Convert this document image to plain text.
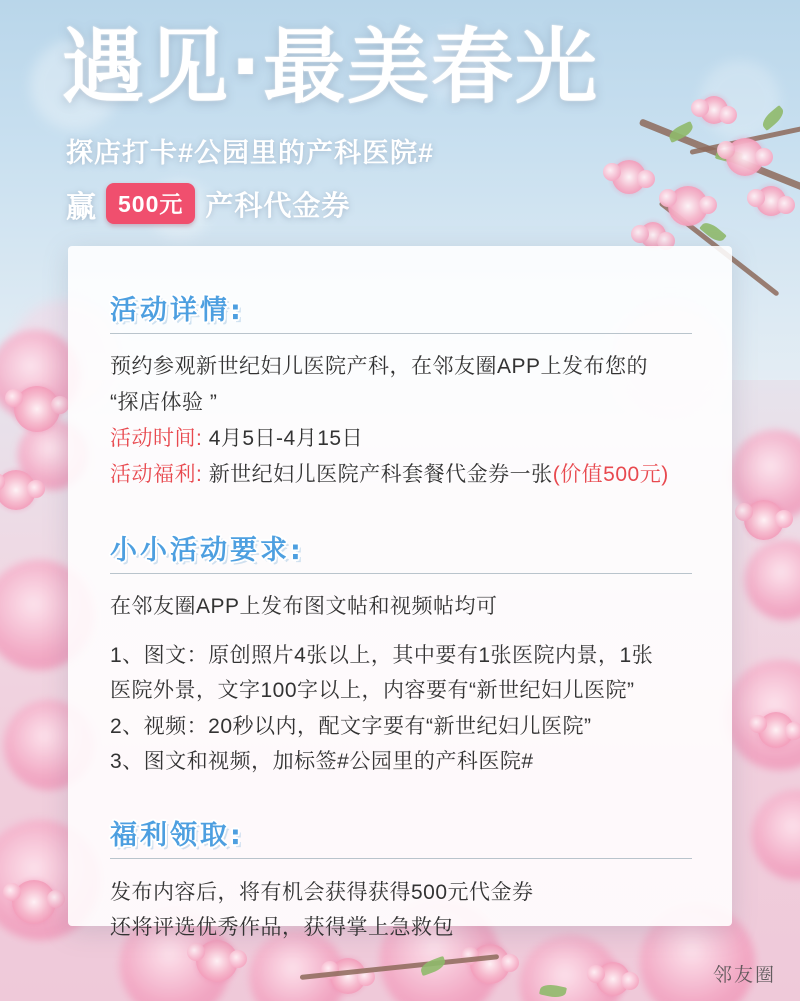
遇见·最美春光
探店打卡#公园里的产科医院#
赢 500元 产科代金券
活动详情:

预约参观新世纪妇儿医院产科，在邻友圈APP上发布您的

“探店体验 ”

活动时间: 4月5日-4月15日

活动福利: 新世纪妇儿医院产科套餐代金券一张(价值500元)

小小活动要求:

在邻友圈APP上发布图文帖和视频帖均可

1、图文：原创照片4张以上，其中要有1张医院内景，1张

医院外景，文字100字以上，内容要有“新世纪妇儿医院”

2、视频：20秒以内，配文字要有“新世纪妇儿医院”

3、图文和视频，加标签#公园里的产科医院#

福利领取:

发布内容后，将有机会获得获得500元代金券

还将评选优秀作品，获得掌上急救包

邻友圈
